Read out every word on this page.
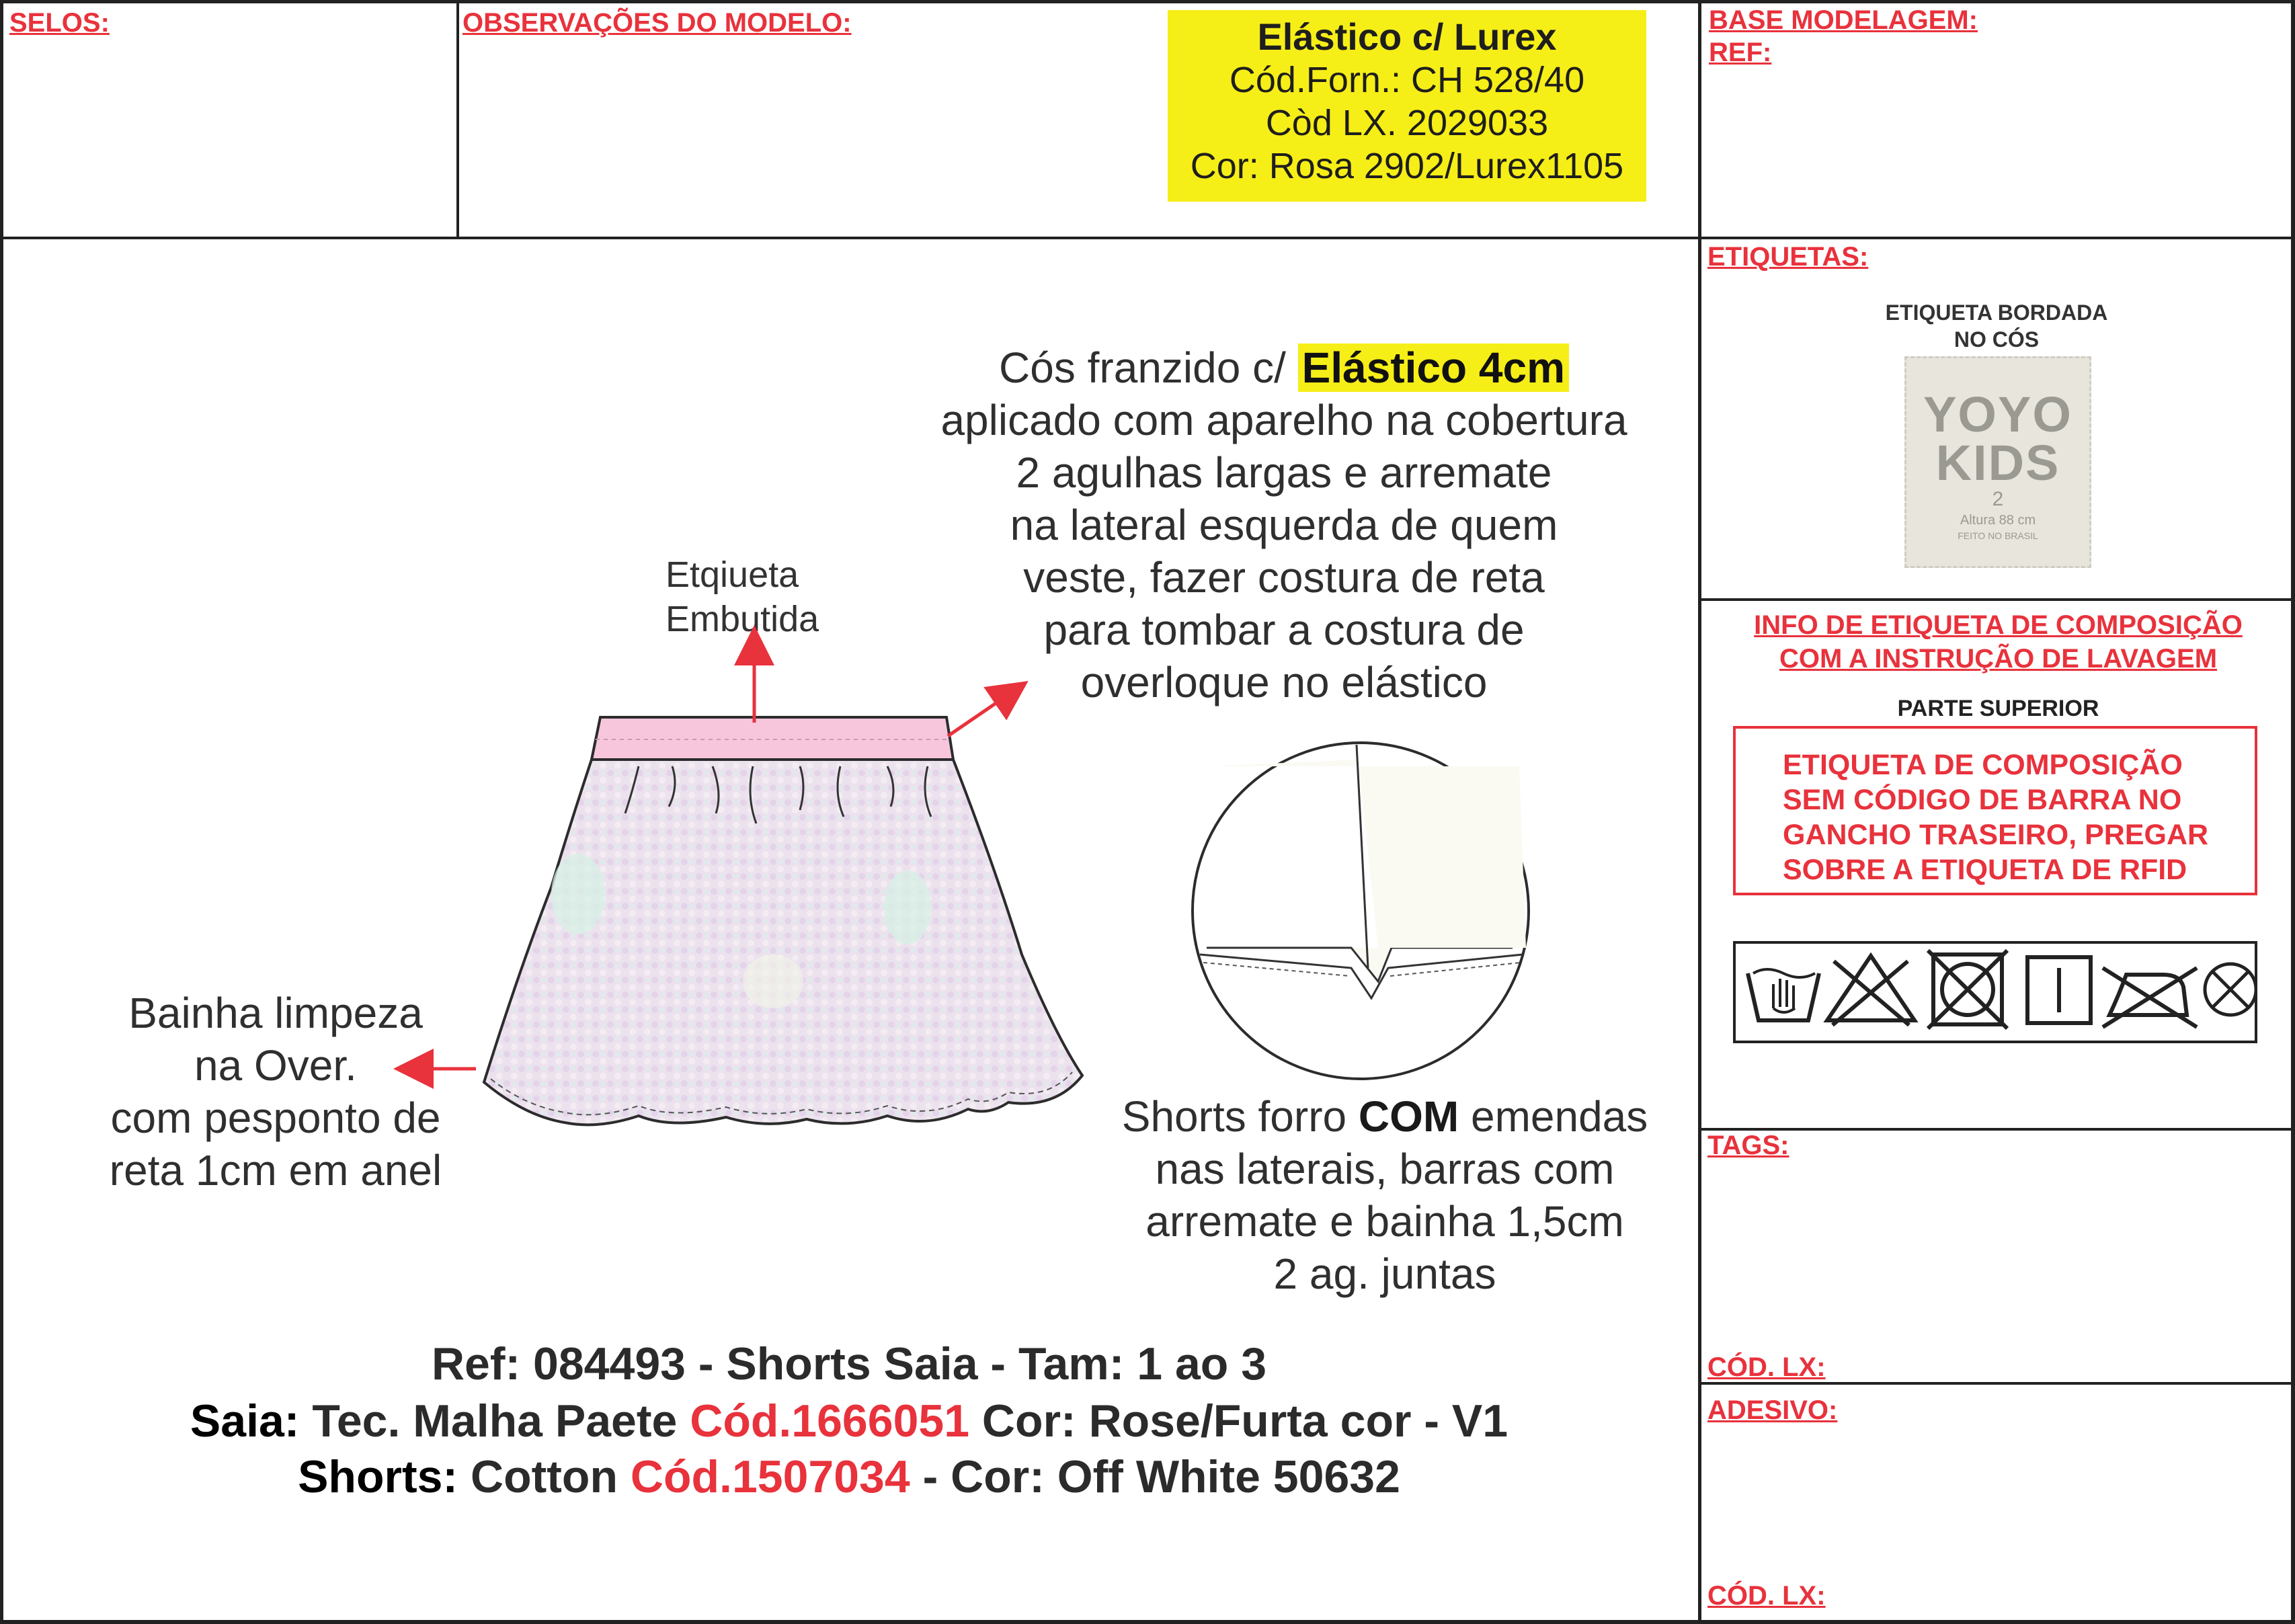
SELOS:	OBSERVAÇÕES DO MODELO:	BASE MODELAGEM:
REF:
Elástico c/ Lurex
Cód.Forn.: CH 528/40
Còd LX. 2029033
Cor: Rosa 2902/Lurex1105
Cós franzido c/ Elástico 4cm
aplicado com aparelho na cobertura
2 agulhas largas e arremate
na lateral esquerda de quem
veste, fazer costura de reta
para tombar a costura de
overloque no elástico
Etqiueta
Embutida
Bainha limpeza
na Over.
com pesponto de
reta 1cm em anel
Shorts forro COM emendas
nas laterais, barras com
arremate e bainha 1,5cm
2 ag. juntas
Ref: 084493 - Shorts Saia - Tam: 1 ao 3
Saia: Tec. Malha Paete Cód.1666051 Cor: Rose/Furta cor - V1
Shorts: Cotton Cód.1507034 - Cor: Off White 50632
ETIQUETAS:
ETIQUETA BORDADA
NO CÓS
YOYO
KIDS
2
Altura 88 cm
FEITO NO BRASIL
INFO DE ETIQUETA DE COMPOSIÇÃO
COM A INSTRUÇÃO DE LAVAGEM
PARTE SUPERIOR
ETIQUETA DE COMPOSIÇÃO
SEM CÓDIGO DE BARRA NO
GANCHO TRASEIRO, PREGAR
SOBRE A ETIQUETA DE RFID
TAGS:
CÓD. LX:
ADESIVO:
CÓD. LX:
